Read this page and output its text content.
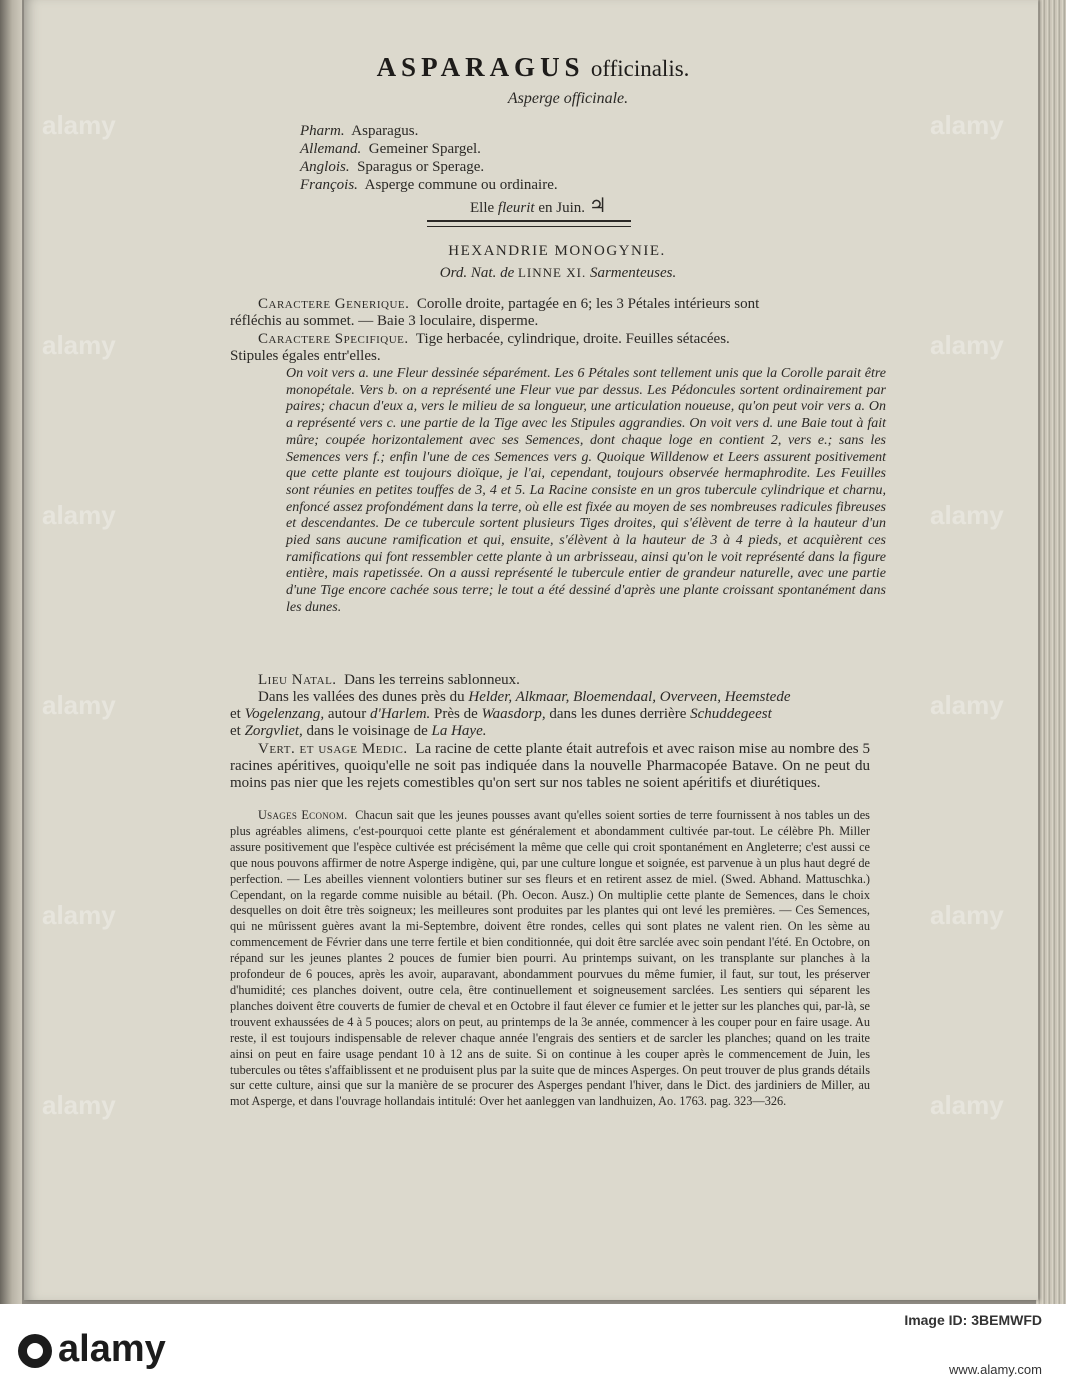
ASPARAGUS officinalis.
Asperge officinale.
Pharm. Asparagus.
Allemand. Gemeiner Spargel.
Anglois. Sparagus or Sperage.
François. Asperge commune ou ordinaire.
Elle fleurit en Juin. ♃
HEXANDRIE MONOGYNIE.
Ord. Nat. de LINNE XI. Sarmenteuses.
Caractere Generique. Corolle droite, partagée en 6; les 3 Pétales intérieurs sont
réfléchis au sommet. — Baie 3 loculaire, disperme.
Caractere Specifique. Tige herbacée, cylindrique, droite. Feuilles sétacées.
Stipules égales entr'elles.
On voit vers a. une Fleur dessinée séparément. Les 6 Pétales sont tellement unis que la Corolle parait être monopétale. Vers b. on a représenté une Fleur vue par dessus. Les Pédoncules sortent ordinairement par paires; chacun d'eux a, vers le milieu de sa longueur, une articulation noueuse, qu'on peut voir vers a. On a représenté vers c. une partie de la Tige avec les Stipules aggrandies. On voit vers d. une Baie tout à fait mûre; coupée horizontalement avec ses Semences, dont chaque loge en contient 2, vers e.; sans les Semences vers f.; enfin l'une de ces Semences vers g. Quoique Willdenow et Leers assurent positivement que cette plante est toujours dioïque, je l'ai, cependant, toujours observée hermaphrodite. Les Feuilles sont réunies en petites touffes de 3, 4 et 5. La Racine consiste en un gros tubercule cylindrique et charnu, enfoncé assez profondément dans la terre, où elle est fixée au moyen de ses nombreuses radicules fibreuses et descendantes. De ce tubercule sortent plusieurs Tiges droites, qui s'élèvent de terre à la hauteur d'un pied sans aucune ramification et qui, ensuite, s'élèvent à la hauteur de 3 à 4 pieds, et acquièrent ces ramifications qui font ressembler cette plante à un arbrisseau, ainsi qu'on le voit représenté dans la figure entière, mais rapetissée. On a aussi représenté le tubercule entier de grandeur naturelle, avec une partie d'une Tige encore cachée sous terre; le tout a été dessiné d'après une plante croissant spontanément dans les dunes.
Lieu Natal. Dans les terreins sablonneux.
Dans les vallées des dunes près du Helder, Alkmaar, Bloemendaal, Overveen, Heemstede
et Vogelenzang, autour d'Harlem. Près de Waasdorp, dans les dunes derrière Schuddegeest
et Zorgvliet, dans le voisinage de La Haye.
Vert. et usage Medic. La racine de cette plante était autrefois et avec raison mise au nombre des 5 racines apéritives, quoiqu'elle ne soit pas indiquée dans la nouvelle Pharmacopée Batave. On ne peut du moins pas nier que les rejets comestibles qu'on sert sur nos tables ne soient apéritifs et diurétiques.
Usages Econom. Chacun sait que les jeunes pousses avant qu'elles soient sorties de terre fournissent à nos tables un des plus agréables alimens, c'est-pourquoi cette plante est généralement et abondamment cultivée par-tout. Le célèbre Ph. Miller assure positivement que l'espèce cultivée est précisément la même que celle qui croit spontanément en Angleterre; c'est aussi ce que nous pouvons affirmer de notre Asperge indigène, qui, par une culture longue et soignée, est parvenue à un plus haut degré de perfection. — Les abeilles viennent volontiers butiner sur ses fleurs et en retirent assez de miel. (Swed. Abhand. Mattuschka.) Cependant, on la regarde comme nuisible au bétail. (Ph. Oecon. Ausz.) On multiplie cette plante de Semences, dans le choix desquelles on doit être très soigneux; les meilleures sont produites par les plantes qui ont levé les premières. — Ces Semences, qui ne mûrissent guères avant la mi-Septembre, doivent être rondes, celles qui sont plates ne valent rien. On les sème au commencement de Février dans une terre fertile et bien conditionnée, qui doit être sarclée avec soin pendant l'été. En Octobre, on répand sur les jeunes plantes 2 pouces de fumier bien pourri. Au printemps suivant, on les transplante sur planches à la profondeur de 6 pouces, après les avoir, auparavant, abondamment pourvues du même fumier, il faut, sur tout, les préserver d'humidité; ces planches doivent, outre cela, être continuellement et soigneusement sarclées. Les sentiers qui séparent les planches doivent être couverts de fumier de cheval et en Octobre il faut élever ce fumier et le jetter sur les planches qui, par-là, se trouvent exhaussées de 4 à 5 pouces; alors on peut, au printemps de la 3e année, commencer à les couper pour en faire usage. Au reste, il est toujours indispensable de relever chaque année l'engrais des sentiers et de sarcler les planches; quand on les traite ainsi on peut en faire usage pendant 10 à 12 ans de suite. Si on continue à les couper après le commencement de Juin, les tubercules ou têtes s'affaiblissent et ne produisent plus par la suite que de minces Asperges. On peut trouver de plus grands détails sur cette culture, ainsi que sur la manière de se procurer des Asperges pendant l'hiver, dans le Dict. des jardiniers de Miller, au mot Asperge, et dans l'ouvrage hollandais intitulé: Over het aanleggen van landhuizen, Ao. 1763. pag. 323—326.
alamy	alamy
alamy	alamy
alamy	alamy
alamy	alamy
alamy	alamy
alamy	alamy
alamy
Image ID: 3BEMWFD
www.alamy.com
